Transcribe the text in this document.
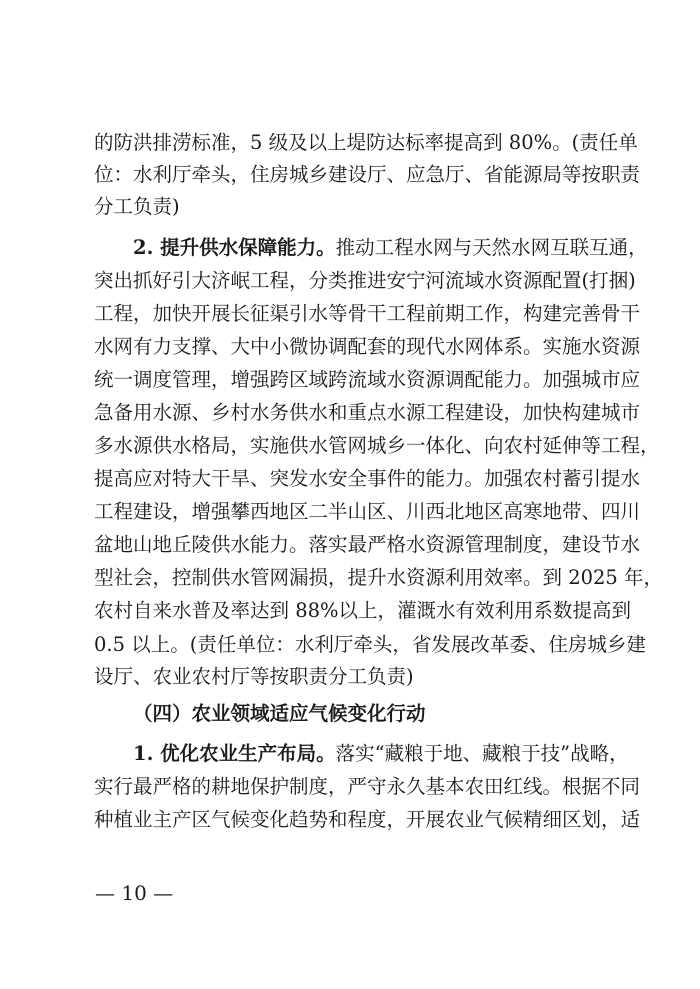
的防洪排涝标准，5 级及以上堤防达标率提高到 80%。(责任单
位：水利厅牵头，住房城乡建设厅、应急厅、省能源局等按职责
分工负责)
2. 提升供水保障能力。推动工程水网与天然水网互联互通，
突出抓好引大济岷工程，分类推进安宁河流域水资源配置(打捆)
工程，加快开展长征渠引水等骨干工程前期工作，构建完善骨干
水网有力支撑、大中小微协调配套的现代水网体系。实施水资源
统一调度管理，增强跨区域跨流域水资源调配能力。加强城市应
急备用水源、乡村水务供水和重点水源工程建设，加快构建城市
多水源供水格局，实施供水管网城乡一体化、向农村延伸等工程，
提高应对特大干旱、突发水安全事件的能力。加强农村蓄引提水
工程建设，增强攀西地区二半山区、川西北地区高寒地带、四川
盆地山地丘陵供水能力。落实最严格水资源管理制度，建设节水
型社会，控制供水管网漏损，提升水资源利用效率。到 2025 年，
农村自来水普及率达到 88%以上，灌溉水有效利用系数提高到
0.5 以上。(责任单位：水利厅牵头，省发展改革委、住房城乡建
设厅、农业农村厅等按职责分工负责)
（四）农业领域适应气候变化行动
1. 优化农业生产布局。落实“藏粮于地、藏粮于技”战略，
实行最严格的耕地保护制度，严守永久基本农田红线。根据不同
种植业主产区气候变化趋势和程度，开展农业气候精细区划，适
— 10 —
